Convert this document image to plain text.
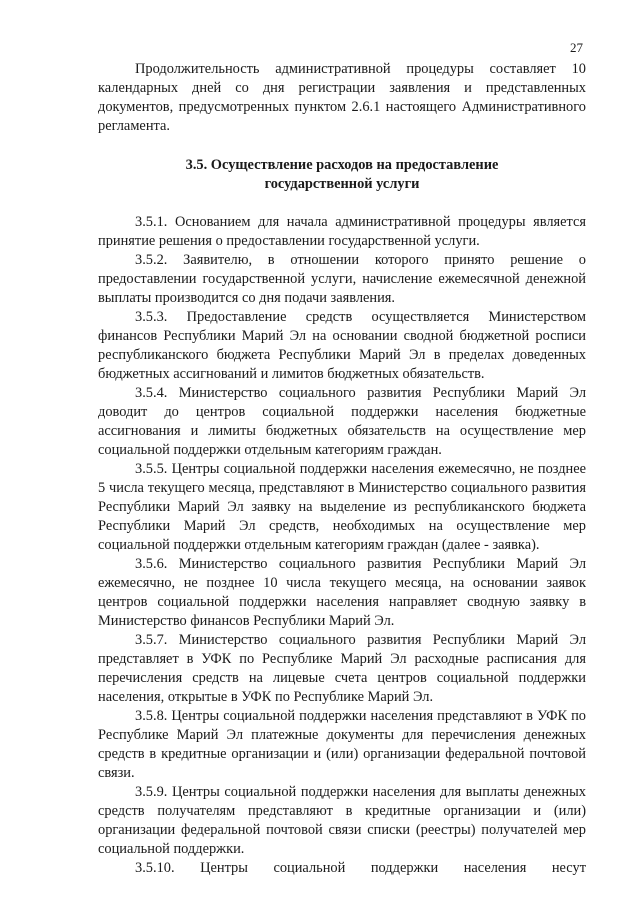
27

Продолжительность административной процедуры составляет 10 календарных дней со дня регистрации заявления и представленных документов, предусмотренных пунктом 2.6.1 настоящего Административного регламента.

3.5. Осуществление расходов на предоставление
государственной услуги

3.5.1. Основанием для начала административной процедуры является принятие решения о предоставлении государственной услуги.

3.5.2. Заявителю, в отношении которого принято решение о предоставлении государственной услуги, начисление ежемесячной денежной выплаты производится со дня подачи заявления.

3.5.3. Предоставление средств осуществляется Министерством финансов Республики Марий Эл на основании сводной бюджетной росписи республиканского бюджета Республики Марий Эл в пределах доведенных бюджетных ассигнований и лимитов бюджетных обязательств.

3.5.4. Министерство социального развития Республики Марий Эл доводит до центров социальной поддержки населения бюджетные ассигнования и лимиты бюджетных обязательств на осуществление мер социальной поддержки отдельным категориям граждан.

3.5.5. Центры социальной поддержки населения ежемесячно, не позднее 5 числа текущего месяца, представляют в Министерство социального развития Республики Марий Эл заявку на выделение из республиканского бюджета Республики Марий Эл средств, необходимых на осуществление мер социальной поддержки отдельным категориям граждан (далее - заявка).

3.5.6. Министерство социального развития Республики Марий Эл ежемесячно, не позднее 10 числа текущего месяца, на основании заявок центров социальной поддержки населения направляет сводную заявку в Министерство финансов Республики Марий Эл.

3.5.7. Министерство социального развития Республики Марий Эл представляет в УФК по Республике Марий Эл расходные расписания для перечисления средств на лицевые счета центров социальной поддержки населения, открытые в УФК по Республике Марий Эл.

3.5.8. Центры социальной поддержки населения представляют в УФК по Республике Марий Эл платежные документы для перечисления денежных средств в кредитные организации и (или) организации федеральной почтовой связи.

3.5.9. Центры социальной поддержки населения для выплаты денежных средств получателям представляют в кредитные организации и (или) организации федеральной почтовой связи списки (реестры) получателей мер социальной поддержки.

3.5.10. Центры социальной поддержки населения несут
